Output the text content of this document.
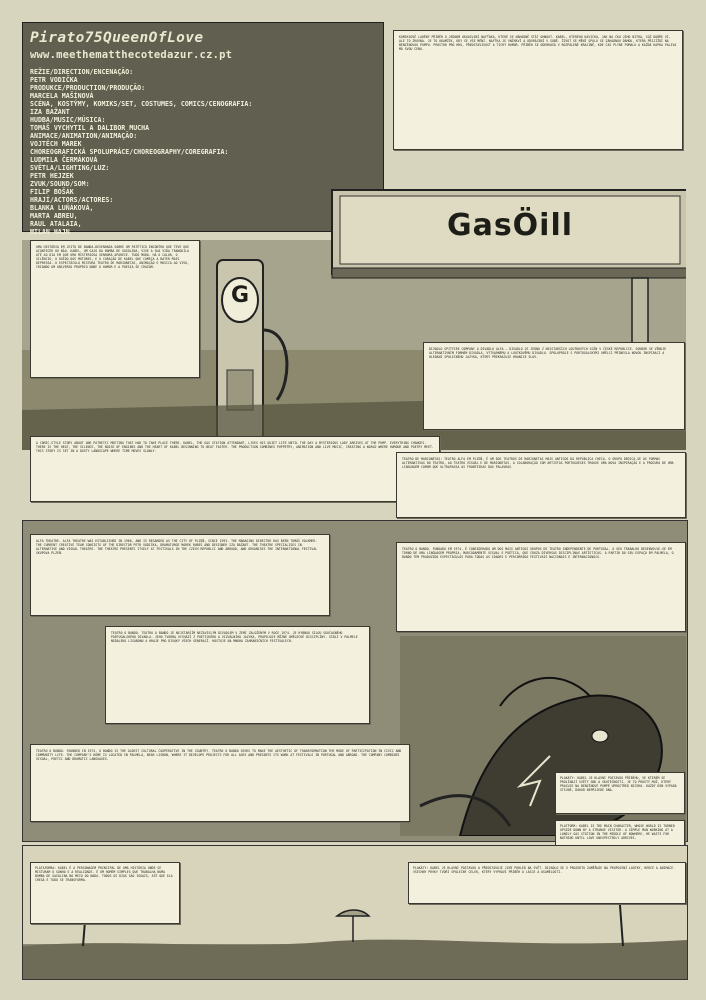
Pirato75QueenOfLove
www.meethematthecotedazur.cz.pt

REŽIE/DIRECTION/ENCENAÇÃO:

PETR VODIČKA

PRODUKCE/PRODUCTION/PRODUÇÃO:

MARCELA MAŠÍNOVÁ

SCÉNA, KOSTÝMY, KOMIKS/SET, COSTUMES, COMICS/CENOGRAFIA:

IZA BAŽANT

HUDBA/MUSIC/MÚSICA:

TOMÁŠ VYCHYTIL A DALIBOR MUCHA

ANIMACE/ANIMATION/ANIMAÇÃO:

VOJTĚCH MAREK

CHOREOGRAFICKÁ SPOLUPRÁCE/CHOREOGRAPHY/COREGRAFIA:

LUDMILA ČERMÁKOVÁ

SVĚTLA/LIGHTING/LUZ:

PETR HEJZEK

ZVUK/SOUND/SOM:

FILIP BOŠÁK

HRAJÍ/ACTORS/ACTORES:

BLANKA LUŇÁKOVÁ,

MARTA ABREU,

RAUL ATALAIA,

MILAN HAJN

KOMIKSOVĚ LADĚNÝ PŘÍBĚH O JEDNOM OKOUZLENÍ NAFŤÁKA, KTERÉ SE NÁHODNĚ STÁT OHNOUT. KABEL, KTERÉHO KÁVIČKA, JAK NA ČKU JEHO NITRA, COŽ DOBŘE VÍ, ALE TO ZROVNA. JE TO OKAMŽIK, KDY SE VŠE MĚNÍ. NAFTKA JE VNÍMAVÍ A ODVRÁCENÍ V SOBĚ. ŽIVOT SE MĚNÍ SPOLU SE ZÁHADNOU DÁMOU, KTERÁ PŘIJÍŽDÍ NA BENZÍNOVOU PUMPU. PROSTOR PRO HRU, PŘEDSTAVIVOST A TICHÝ HUMOR. PŘÍBĚH SE ODEHRÁVÁ V ROZPÁLENÉ KRAJINĚ, KDE ČAS PLYNE POMALU A KAŽDÁ KAPKA PALIVA MÁ SVOU CENU.

GasÖill
G

UMA HISTÓRIA EM JEITO DE BANDA-DESENHADA SOBRE UM PATÉTICO ENCONTRO QUE TEVE QUE ACONTECER OU NÃO. KABEL, UM GAJO DA BOMBA DE GASOLINA, VIVE A SUA VIDA TRANQUILA ATÉ AO DIA EM QUE UMA MISTERIOSA SENHORA APARECE. TUDO MUDA. HÁ O CALOR, O SILÊNCIO, O RUÍDO DOS MOTORES, E O CORAÇÃO DE KABEL QUE COMEÇA A BATER MAIS DEPRESSA. O ESPECTÁCULO MISTURA TEATRO DE MARIONETAS, ANIMAÇÃO E MÚSICA AO VIVO, CRIANDO UM UNIVERSO PRÓPRIO ONDE O HUMOR E A POESIA SE CRUZAM.

DIVADLO SPITFIRE COMPANY A DIVADLO ALFA – DIVADLO JE JEDNO Z NEJSTARŠÍCH LOUTKOVÝCH SCÉN V ČESKÉ REPUBLICE. SOUBOR SE VĚNUJE ALTERNATIVNÍM FORMÁM DIVADLA, VÝTVARNÉMU A LOUTKOVÉMU DIVADLU. SPOLUPRÁCE S PORTUGALSKÝMI UMĚLCI PŘINESLA NOVOU INSPIRACI A HLEDÁNÍ SPOLEČNÉHO JAZYKA, KTERÝ PŘEKRAČUJE HRANICE SLOV.

A COMIC-STYLE STORY ABOUT ONE PATHETIC MEETING THAT HAD TO TAKE PLACE THERE. KABEL, THE GAS STATION ATTENDANT, LIVES HIS QUIET LIFE UNTIL THE DAY A MYSTERIOUS LADY ARRIVES AT THE PUMP. EVERYTHING CHANGES. THERE IS THE HEAT, THE SILENCE, THE NOISE OF ENGINES AND THE HEART OF KABEL BEGINNING TO BEAT FASTER. THE PRODUCTION COMBINES PUPPETRY, ANIMATION AND LIVE MUSIC, CREATING A WORLD WHERE HUMOUR AND POETRY MEET. THIS STORY IS SET IN A DUSTY LANDSCAPE WHERE TIME MOVES SLOWLY.

TEATRO DE MARIONETAS: TEATRO ALFA EM PLZEŇ, É UM DOS TEATROS DE MARIONETAS MAIS ANTIGOS DA REPÚBLICA CHECA. O GRUPO DEDICA-SE ÀS FORMAS ALTERNATIVAS DO TEATRO, AO TEATRO VISUAL E DE MARIONETAS. A COLABORAÇÃO COM ARTISTAS PORTUGUESES TROUXE UMA NOVA INSPIRAÇÃO E A PROCURA DE UMA LINGUAGEM COMUM QUE ULTRAPASSA AS FRONTEIRAS DAS PALAVRAS.

ALFA THEATRE. ALFA THEATRE WAS ESTABLISHED IN 1966, AND IS REGARDED AS THE CITY OF PLZEŇ, SINCE 1993. THE MANAGING DIRECTOR HAS BEEN TOMÁŠ VOLKMER. THE CURRENT CREATIVE TEAM CONSISTS OF THE DIRECTOR PETR VODIČKA, DRAMATURGE MAREK RUBEŠ AND DESIGNER IZA BAŽANT. THE THEATRE SPECIALISES IN ALTERNATIVE AND VISUAL THEATRE. THE THEATRE PRESENTS ITSELF AT FESTIVALS IN THE CZECH REPUBLIC AND ABROAD, AND ORGANISES THE INTERNATIONAL FESTIVAL SKUPOVA PLZEŇ.

TEATRO O BANDO. FUNDADO EM 1974, É CONSIDERADO UM DOS MAIS ANTIGOS GRUPOS DE TEATRO INDEPENDENTE DE PORTUGAL. O SEU TRABALHO DESENVOLVE-SE EM TORNO DE UMA LINGUAGEM PRÓPRIA, MARCADAMENTE VISUAL E POÉTICA, QUE CRUZA DIVERSAS DISCIPLINAS ARTÍSTICAS. A PARTIR DO SEU ESPAÇO EM PALMELA, O BANDO TEM PRODUZIDO ESPECTÁCULOS PARA TODAS AS IDADES E PERCORRIDO FESTIVAIS NACIONAIS E INTERNACIONAIS.

TEATRO O BANDO. TEATRO O BANDO JE NEJSTARŠÍM NEZÁVISLÝM DIVADLEM V ZEMI ZALOŽENÝM V ROCE 1974. JE HYBNOU SILOU SOUČASNÉHO PORTUGALSKÉHO DIVADLA. JEHO TVORBA VYCHÁZÍ Z POETICKÉHO A VIZUÁLNÍHO JAZYKA, PROPOJUJE RŮZNÉ UMĚLECKÉ DISCIPLÍNY. SÍDLÍ V PALMELE NEDALEKO LISABONU A HRAJE PRO DIVÁKY VŠECH GENERACÍ. HOSTUJE NA MNOHA ZAHRANIČNÍCH FESTIVALECH.

TEATRO O BANDO. FOUNDED IN 1974, O BANDO IS THE OLDEST CULTURAL COOPERATIVE IN THE COUNTRY. TEATRO O BANDO SEEKS TO MAKE THE AESTHETIC OF TRANSFORMATION THE MODE OF PARTICIPATION IN CIVIC AND COMMUNITY LIFE. THE COMPANY'S HOME IS LOCATED IN PALMELA, NEAR LISBON, WHERE IT DEVELOPS PROJECTS FOR ALL AGES AND PRESENTS ITS WORK AT FESTIVALS IN PORTUGAL AND ABROAD. THE COMPANY COMBINES VISUAL, POETIC AND DRAMATIC LANGUAGES.

PLAKÁTY: KABEL JE HLAVNÍ POSTAVOU PŘÍBĚHU, VE KTERÉM SE PROLÍNAJÍ SVĚTY SNU A SKUTEČNOSTI. JE TO PROSTÝ MUŽ, KTERÝ PRACUJE NA BENZÍNOVÉ PUMPĚ UPROSTŘED NIČEHO. KAŽDÝ DEN VYPADÁ STEJNĚ, DOKUD NEPŘIJEDE ONA.

PLATFORM: KABEL IS THE MAIN CHARACTER, WHOSE WORLD IS TURNED UPSIDE DOWN BY A STRANGE VISITOR. A SIMPLE MAN WORKING AT A LONELY GAS STATION IN THE MIDDLE OF NOWHERE, HE WAITS FOR NOTHING UNTIL LOVE UNEXPECTEDLY ARRIVES.

PLATAFORMA: KABEL É A PERSONAGEM PRINCIPAL DE UMA HISTÓRIA ONDE SE MISTURAM O SONHO E A REALIDADE. É UM HOMEM SIMPLES QUE TRABALHA NUMA BOMBA DE GASOLINA NO MEIO DO NADA. TODOS OS DIAS SÃO IGUAIS, ATÉ QUE ELA CHEGA E TUDO SE TRANSFORMA.

PLAKÁTY: KABEL JE HLAVNÍ POSTAVOU A PŘEDSTAVUJE JINÝ POHLED NA SVĚT. DIVADLO SE V PROJEKTU ZAMĚŘUJE NA PROPOJENÍ LOUTKY, HERCE A ANIMACE. VŠECHNY PRVKY TVOŘÍ SPOLEČNÝ CELEK, KTERÝ VYPRÁVÍ PŘÍBĚH O LÁSCE A OSAMĚLOSTI.
